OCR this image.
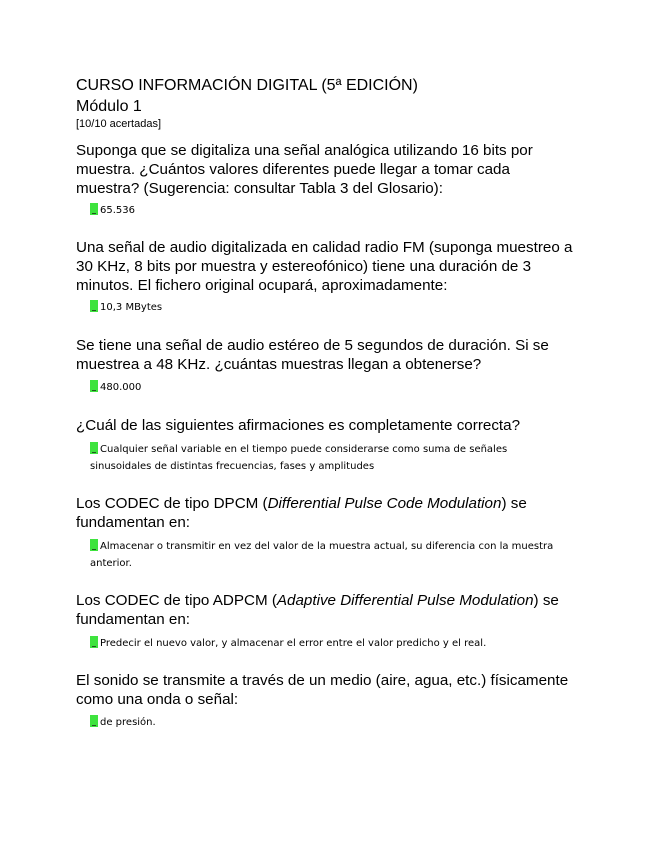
CURSO INFORMACIÓN DIGITAL (5ª EDICIÓN)
Módulo 1
[10/10 acertadas]
Suponga que se digitaliza una señal analógica utilizando 16 bits por muestra. ¿Cuántos valores diferentes puede llegar a tomar cada muestra? (Sugerencia: consultar Tabla 3 del Glosario):
65.536
Una señal de audio digitalizada en calidad radio FM (suponga muestreo a 30 KHz, 8 bits por muestra y estereofónico) tiene una duración de 3 minutos. El fichero original ocupará, aproximadamente:
10,3 MBytes
Se tiene una señal de audio estéreo de 5 segundos de duración. Si se muestrea a 48 KHz. ¿cuántas muestras llegan a obtenerse?
480.000
¿Cuál de las siguientes afirmaciones es completamente correcta?
Cualquier señal variable en el tiempo puede considerarse como suma de señales sinusoidales de distintas frecuencias, fases y amplitudes
Los CODEC de tipo DPCM (Differential Pulse Code Modulation) se fundamentan en:
Almacenar o transmitir en vez del valor de la muestra actual, su diferencia con la muestra anterior.
Los CODEC de tipo ADPCM (Adaptive Differential Pulse Modulation) se fundamentan en:
Predecir el nuevo valor, y almacenar el error entre el valor predicho y el real.
El sonido se transmite a través de un medio (aire, agua, etc.) físicamente como una onda o señal:
de presión.
